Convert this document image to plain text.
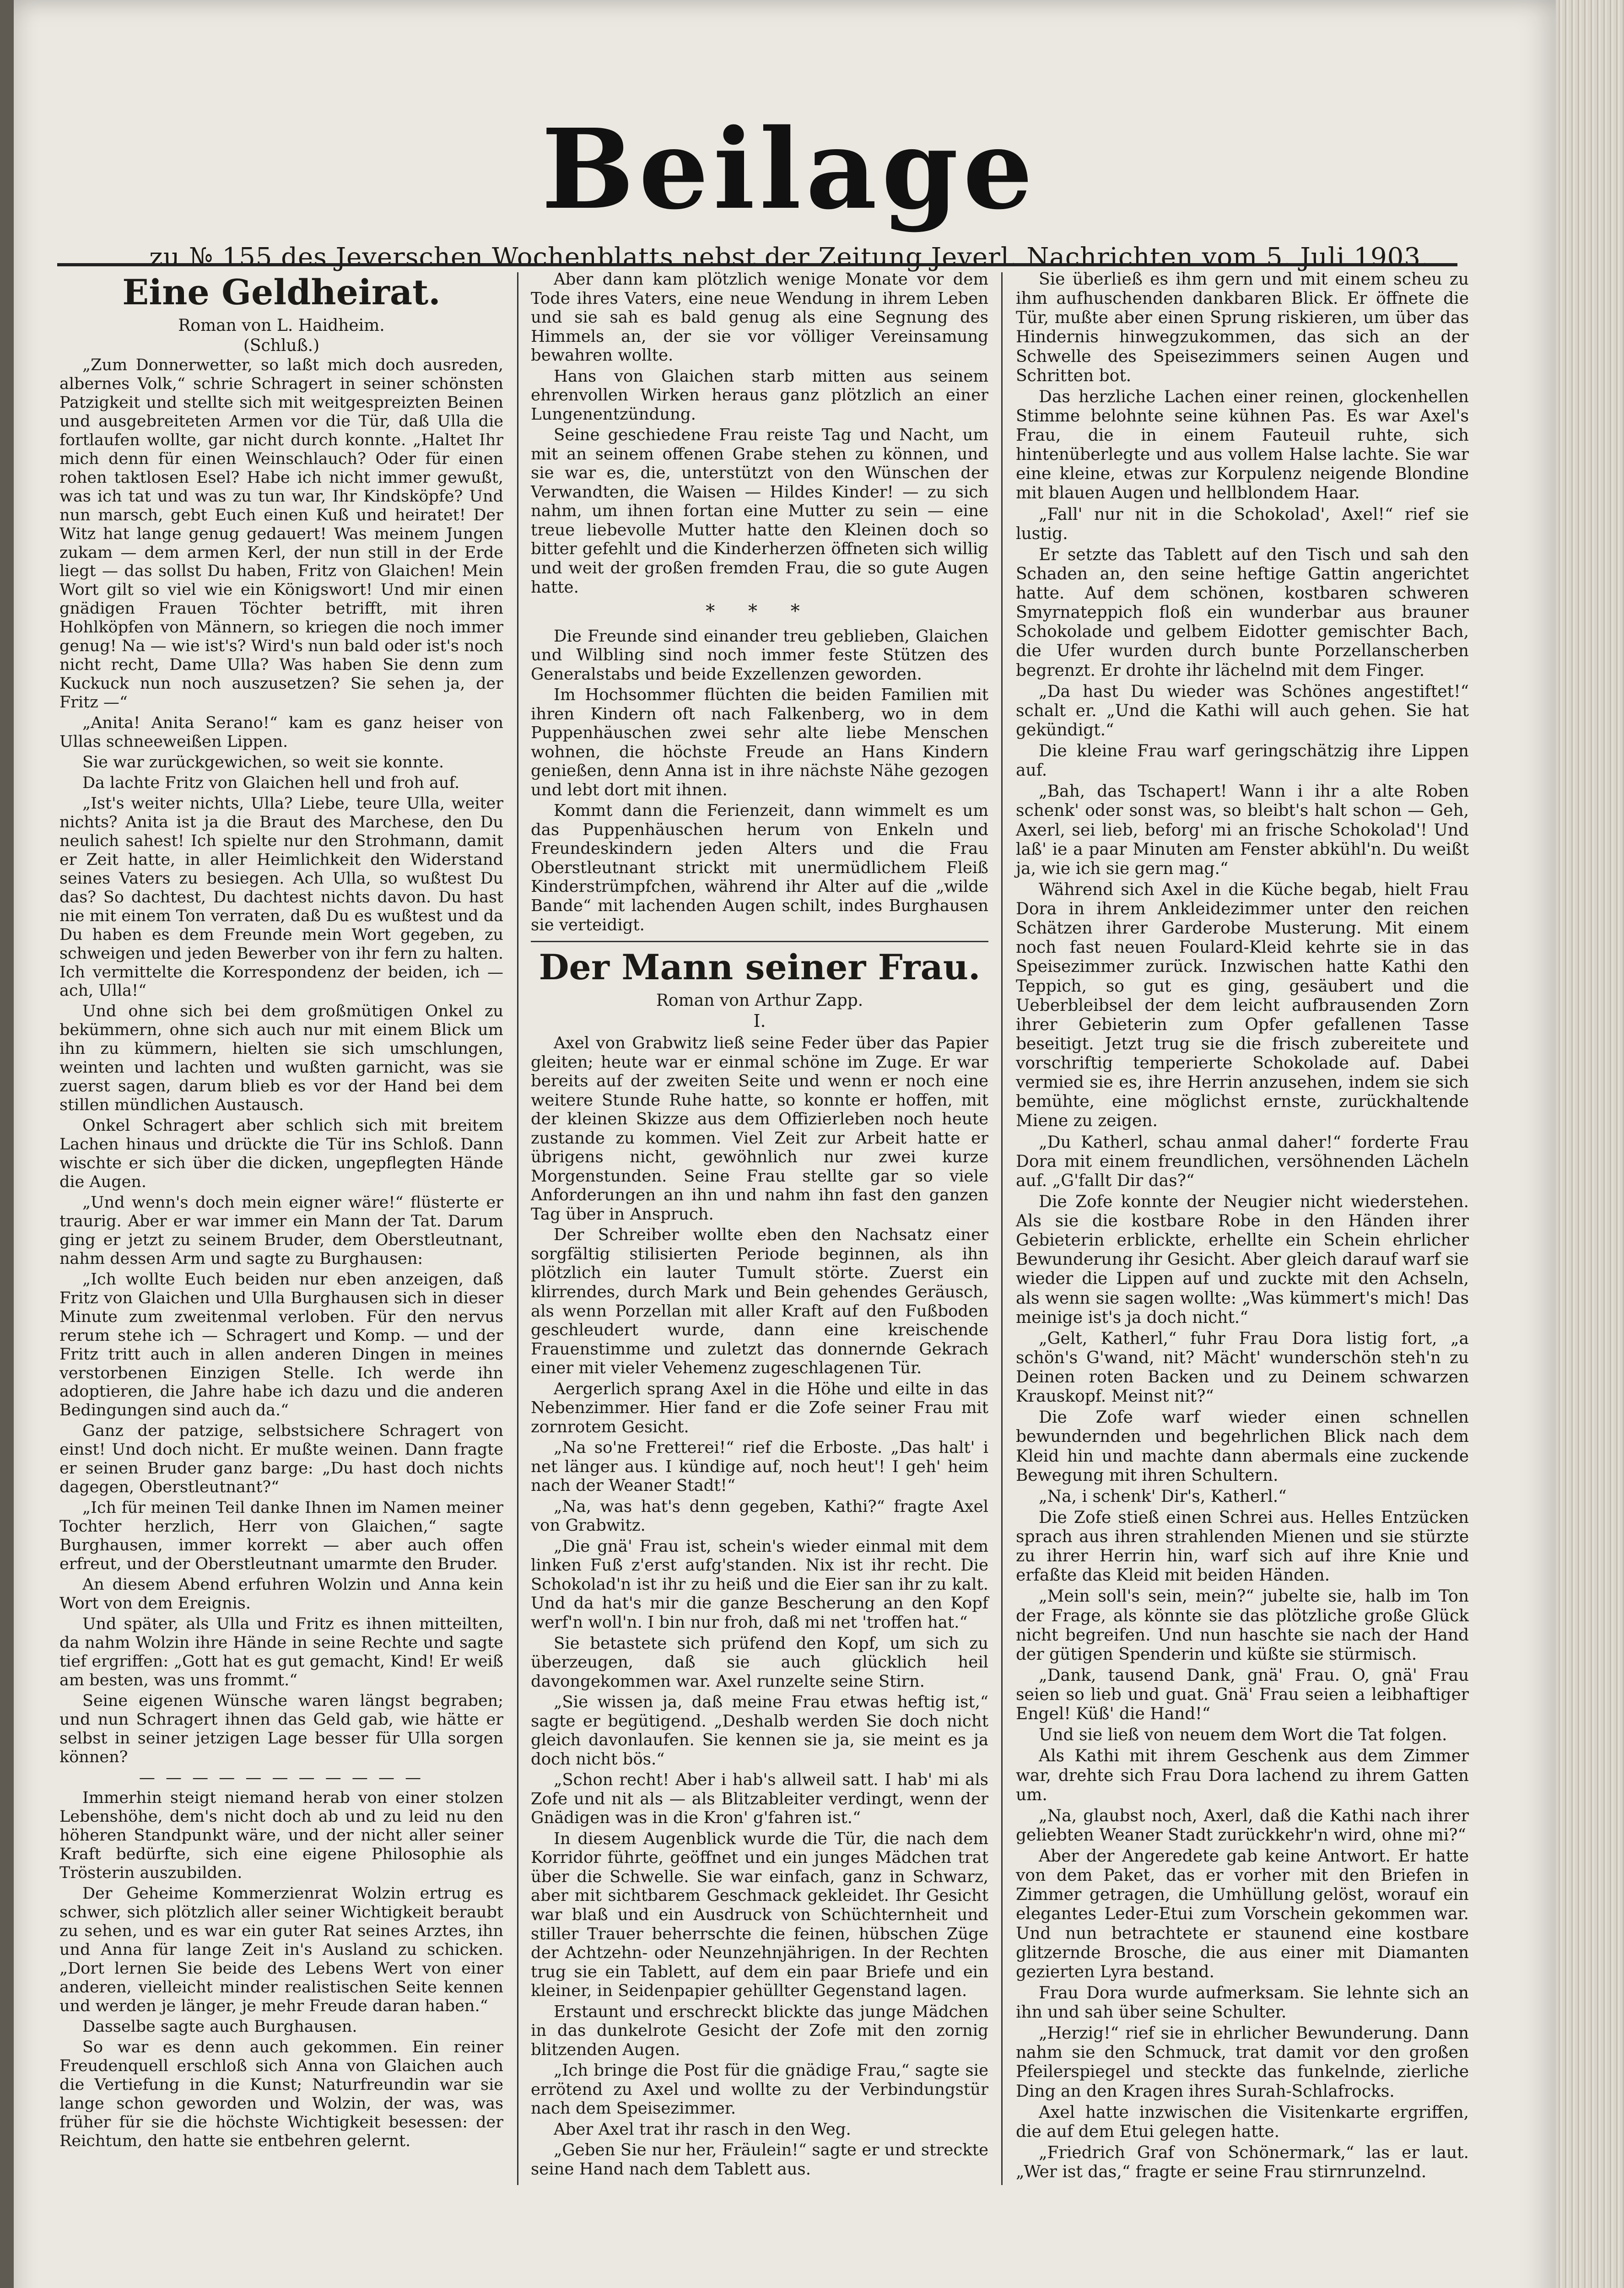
Beilage
zu № 155 des Jeverschen Wochenblatts nebst der Zeitung Jeverl. Nachrichten vom 5. Juli 1903.
Eine Geldheirat.
Roman von L. Haidheim.
(Schluß.)

„Zum Donnerwetter, so laßt mich doch ausreden, albernes Volk,“ schrie Schragert in seiner schönsten Patzigkeit und stellte sich mit weitgespreizten Beinen und ausgebreiteten Armen vor die Tür, daß Ulla die fortlaufen wollte, gar nicht durch konnte. „Haltet Ihr mich denn für einen Weinschlauch? Oder für einen rohen taktlosen Esel? Habe ich nicht immer gewußt, was ich tat und was zu tun war, Ihr Kindsköpfe? Und nun marsch, gebt Euch einen Kuß und heiratet! Der Witz hat lange genug gedauert! Was meinem Jungen zukam — dem armen Kerl, der nun still in der Erde liegt — das sollst Du haben, Fritz von Glaichen! Mein Wort gilt so viel wie ein Königswort! Und mir einen gnädigen Frauen Töchter betrifft, mit ihren Hohlköpfen von Männern, so kriegen die noch immer genug! Na — wie ist's? Wird's nun bald oder ist's noch nicht recht, Dame Ulla? Was haben Sie denn zum Kuckuck nun noch auszusetzen? Sie sehen ja, der Fritz —“

„Anita! Anita Serano!“ kam es ganz heiser von Ullas schneeweißen Lippen.

Sie war zurückgewichen, so weit sie konnte.

Da lachte Fritz von Glaichen hell und froh auf.

„Ist's weiter nichts, Ulla? Liebe, teure Ulla, weiter nichts? Anita ist ja die Braut des Marchese, den Du neulich sahest! Ich spielte nur den Strohmann, damit er Zeit hatte, in aller Heimlichkeit den Widerstand seines Vaters zu besiegen. Ach Ulla, so wußtest Du das? So dachtest, Du dachtest nichts davon. Du hast nie mit einem Ton verraten, daß Du es wußtest und da Du haben es dem Freunde mein Wort gegeben, zu schweigen und jeden Bewerber von ihr fern zu halten. Ich vermittelte die Korrespondenz der beiden, ich — ach, Ulla!“

Und ohne sich bei dem großmütigen Onkel zu bekümmern, ohne sich auch nur mit einem Blick um ihn zu kümmern, hielten sie sich umschlungen, weinten und lachten und wußten garnicht, was sie zuerst sagen, darum blieb es vor der Hand bei dem stillen mündlichen Austausch.

Onkel Schragert aber schlich sich mit breitem Lachen hinaus und drückte die Tür ins Schloß. Dann wischte er sich über die dicken, ungepflegten Hände die Augen.

„Und wenn's doch mein eigner wäre!“ flüsterte er traurig. Aber er war immer ein Mann der Tat. Darum ging er jetzt zu seinem Bruder, dem Oberstleutnant, nahm dessen Arm und sagte zu Burghausen:

„Ich wollte Euch beiden nur eben anzeigen, daß Fritz von Glaichen und Ulla Burghausen sich in dieser Minute zum zweitenmal verloben. Für den nervus rerum stehe ich — Schragert und Komp. — und der Fritz tritt auch in allen anderen Dingen in meines verstorbenen Einzigen Stelle. Ich werde ihn adoptieren, die Jahre habe ich dazu und die anderen Bedingungen sind auch da.“

Ganz der patzige, selbstsichere Schragert von einst! Und doch nicht. Er mußte weinen. Dann fragte er seinen Bruder ganz barge: „Du hast doch nichts dagegen, Oberstleutnant?“

„Ich für meinen Teil danke Ihnen im Namen meiner Tochter herzlich, Herr von Glaichen,“ sagte Burghausen, immer korrekt — aber auch offen erfreut, und der Oberstleutnant umarmte den Bruder.

An diesem Abend erfuhren Wolzin und Anna kein Wort von dem Ereignis.

Und später, als Ulla und Fritz es ihnen mitteilten, da nahm Wolzin ihre Hände in seine Rechte und sagte tief ergriffen: „Gott hat es gut gemacht, Kind! Er weiß am besten, was uns frommt.“

Seine eigenen Wünsche waren längst begraben; und nun Schragert ihnen das Geld gab, wie hätte er selbst in seiner jetzigen Lage besser für Ulla sorgen können?

— — — — — — — — — — —

Immerhin steigt niemand herab von einer stolzen Lebenshöhe, dem's nicht doch ab und zu leid nu den höheren Standpunkt wäre, und der nicht aller seiner Kraft bedürfte, sich eine eigene Philosophie als Trösterin auszubilden.

Der Geheime Kommerzienrat Wolzin ertrug es schwer, sich plötzlich aller seiner Wichtigkeit beraubt zu sehen, und es war ein guter Rat seines Arztes, ihn und Anna für lange Zeit in's Ausland zu schicken. „Dort lernen Sie beide des Lebens Wert von einer anderen, vielleicht minder realistischen Seite kennen und werden je länger, je mehr Freude daran haben.“

Dasselbe sagte auch Burghausen.

So war es denn auch gekommen. Ein reiner Freudenquell erschloß sich Anna von Glaichen auch die Vertiefung in die Kunst; Naturfreundin war sie lange schon geworden und Wolzin, der was, was früher für sie die höchste Wichtigkeit besessen: der Reichtum, den hatte sie entbehren gelernt.

Aber dann kam plötzlich wenige Monate vor dem Tode ihres Vaters, eine neue Wendung in ihrem Leben und sie sah es bald genug als eine Segnung des Himmels an, der sie vor völliger Vereinsamung bewahren wollte.

Hans von Glaichen starb mitten aus seinem ehrenvollen Wirken heraus ganz plötzlich an einer Lungenentzündung.

Seine geschiedene Frau reiste Tag und Nacht, um mit an seinem offenen Grabe stehen zu können, und sie war es, die, unterstützt von den Wünschen der Verwandten, die Waisen — Hildes Kinder! — zu sich nahm, um ihnen fortan eine Mutter zu sein — eine treue liebevolle Mutter hatte den Kleinen doch so bitter gefehlt und die Kinderherzen öffneten sich willig und weit der großen fremden Frau, die so gute Augen hatte.

* * *

Die Freunde sind einander treu geblieben, Glaichen und Wilbling sind noch immer feste Stützen des Generalstabs und beide Exzellenzen geworden.

Im Hochsommer flüchten die beiden Familien mit ihren Kindern oft nach Falkenberg, wo in dem Puppenhäuschen zwei sehr alte liebe Menschen wohnen, die höchste Freude an Hans Kindern genießen, denn Anna ist in ihre nächste Nähe gezogen und lebt dort mit ihnen.

Kommt dann die Ferienzeit, dann wimmelt es um das Puppenhäuschen herum von Enkeln und Freundeskindern jeden Alters und die Frau Oberstleutnant strickt mit unermüdlichem Fleiß Kinderstrümpfchen, während ihr Alter auf die „wilde Bande“ mit lachenden Augen schilt, indes Burghausen sie verteidigt.

Der Mann seiner Frau.
Roman von Arthur Zapp.
I.

Axel von Grabwitz ließ seine Feder über das Papier gleiten; heute war er einmal schöne im Zuge. Er war bereits auf der zweiten Seite und wenn er noch eine weitere Stunde Ruhe hatte, so konnte er hoffen, mit der kleinen Skizze aus dem Offizierleben noch heute zustande zu kommen. Viel Zeit zur Arbeit hatte er übrigens nicht, gewöhnlich nur zwei kurze Morgenstunden. Seine Frau stellte gar so viele Anforderungen an ihn und nahm ihn fast den ganzen Tag über in Anspruch.

Der Schreiber wollte eben den Nachsatz einer sorgfältig stilisierten Periode beginnen, als ihn plötzlich ein lauter Tumult störte. Zuerst ein klirrendes, durch Mark und Bein gehendes Geräusch, als wenn Porzellan mit aller Kraft auf den Fußboden geschleudert wurde, dann eine kreischende Frauenstimme und zuletzt das donnernde Gekrach einer mit vieler Vehemenz zugeschlagenen Tür.

Aergerlich sprang Axel in die Höhe und eilte in das Nebenzimmer. Hier fand er die Zofe seiner Frau mit zornrotem Gesicht.

„Na so'ne Fretterei!“ rief die Erboste. „Das halt' i net länger aus. I kündige auf, noch heut'! I geh' heim nach der Weaner Stadt!“

„Na, was hat's denn gegeben, Kathi?“ fragte Axel von Grabwitz.

„Die gnä' Frau ist, schein's wieder einmal mit dem linken Fuß z'erst aufg'standen. Nix ist ihr recht. Die Schokolad'n ist ihr zu heiß und die Eier san ihr zu kalt. Und da hat's mir die ganze Bescherung an den Kopf werf'n woll'n. I bin nur froh, daß mi net 'troffen hat.“

Sie betastete sich prüfend den Kopf, um sich zu überzeugen, daß sie auch glücklich heil davongekommen war. Axel runzelte seine Stirn.

„Sie wissen ja, daß meine Frau etwas heftig ist,“ sagte er begütigend. „Deshalb werden Sie doch nicht gleich davonlaufen. Sie kennen sie ja, sie meint es ja doch nicht bös.“

„Schon recht! Aber i hab's allweil satt. I hab' mi als Zofe und nit als — als Blitzableiter verdingt, wenn der Gnädigen was in die Kron' g'fahren ist.“

In diesem Augenblick wurde die Tür, die nach dem Korridor führte, geöffnet und ein junges Mädchen trat über die Schwelle. Sie war einfach, ganz in Schwarz, aber mit sichtbarem Geschmack gekleidet. Ihr Gesicht war blaß und ein Ausdruck von Schüchternheit und stiller Trauer beherrschte die feinen, hübschen Züge der Achtzehn- oder Neunzehnjährigen. In der Rechten trug sie ein Tablett, auf dem ein paar Briefe und ein kleiner, in Seidenpapier gehüllter Gegenstand lagen.

Erstaunt und erschreckt blickte das junge Mädchen in das dunkelrote Gesicht der Zofe mit den zornig blitzenden Augen.

„Ich bringe die Post für die gnädige Frau,“ sagte sie errötend zu Axel und wollte zu der Verbindungstür nach dem Speisezimmer.

Aber Axel trat ihr rasch in den Weg.

„Geben Sie nur her, Fräulein!“ sagte er und streckte seine Hand nach dem Tablett aus.

Sie überließ es ihm gern und mit einem scheu zu ihm aufhuschenden dankbaren Blick. Er öffnete die Tür, mußte aber einen Sprung riskieren, um über das Hindernis hinwegzukommen, das sich an der Schwelle des Speisezimmers seinen Augen und Schritten bot.

Das herzliche Lachen einer reinen, glockenhellen Stimme belohnte seine kühnen Pas. Es war Axel's Frau, die in einem Fauteuil ruhte, sich hintenüberlegte und aus vollem Halse lachte. Sie war eine kleine, etwas zur Korpulenz neigende Blondine mit blauen Augen und hellblondem Haar.

„Fall' nur nit in die Schokolad', Axel!“ rief sie lustig.

Er setzte das Tablett auf den Tisch und sah den Schaden an, den seine heftige Gattin angerichtet hatte. Auf dem schönen, kostbaren schweren Smyrnateppich floß ein wunderbar aus brauner Schokolade und gelbem Eidotter gemischter Bach, die Ufer wurden durch bunte Porzellanscherben begrenzt. Er drohte ihr lächelnd mit dem Finger.

„Da hast Du wieder was Schönes angestiftet!“ schalt er. „Und die Kathi will auch gehen. Sie hat gekündigt.“

Die kleine Frau warf geringschätzig ihre Lippen auf.

„Bah, das Tschapert! Wann i ihr a alte Roben schenk' oder sonst was, so bleibt's halt schon — Geh, Axerl, sei lieb, beforg' mi an frische Schokolad'! Und laß' ie a paar Minuten am Fenster abkühl'n. Du weißt ja, wie ich sie gern mag.“

Während sich Axel in die Küche begab, hielt Frau Dora in ihrem Ankleidezimmer unter den reichen Schätzen ihrer Garderobe Musterung. Mit einem noch fast neuen Foulard-Kleid kehrte sie in das Speisezimmer zurück. Inzwischen hatte Kathi den Teppich, so gut es ging, gesäubert und die Ueberbleibsel der dem leicht aufbrausenden Zorn ihrer Gebieterin zum Opfer gefallenen Tasse beseitigt. Jetzt trug sie die frisch zubereitete und vorschriftig temperierte Schokolade auf. Dabei vermied sie es, ihre Herrin anzusehen, indem sie sich bemühte, eine möglichst ernste, zurückhaltende Miene zu zeigen.

„Du Katherl, schau anmal daher!“ forderte Frau Dora mit einem freundlichen, versöhnenden Lächeln auf. „G'fallt Dir das?“

Die Zofe konnte der Neugier nicht wiederstehen. Als sie die kostbare Robe in den Händen ihrer Gebieterin erblickte, erhellte ein Schein ehrlicher Bewunderung ihr Gesicht. Aber gleich darauf warf sie wieder die Lippen auf und zuckte mit den Achseln, als wenn sie sagen wollte: „Was kümmert's mich! Das meinige ist's ja doch nicht.“

„Gelt, Katherl,“ fuhr Frau Dora listig fort, „a schön's G'wand, nit? Mächt' wunderschön steh'n zu Deinen roten Backen und zu Deinem schwarzen Krauskopf. Meinst nit?“

Die Zofe warf wieder einen schnellen bewundernden und begehrlichen Blick nach dem Kleid hin und machte dann abermals eine zuckende Bewegung mit ihren Schultern.

„Na, i schenk' Dir's, Katherl.“

Die Zofe stieß einen Schrei aus. Helles Entzücken sprach aus ihren strahlenden Mienen und sie stürzte zu ihrer Herrin hin, warf sich auf ihre Knie und erfaßte das Kleid mit beiden Händen.

„Mein soll's sein, mein?“ jubelte sie, halb im Ton der Frage, als könnte sie das plötzliche große Glück nicht begreifen. Und nun haschte sie nach der Hand der gütigen Spenderin und küßte sie stürmisch.

„Dank, tausend Dank, gnä' Frau. O, gnä' Frau seien so lieb und guat. Gnä' Frau seien a leibhaftiger Engel! Küß' die Hand!“

Und sie ließ von neuem dem Wort die Tat folgen.

Als Kathi mit ihrem Geschenk aus dem Zimmer war, drehte sich Frau Dora lachend zu ihrem Gatten um.

„Na, glaubst noch, Axerl, daß die Kathi nach ihrer geliebten Weaner Stadt zurückkehr'n wird, ohne mi?“

Aber der Angeredete gab keine Antwort. Er hatte von dem Paket, das er vorher mit den Briefen in Zimmer getragen, die Umhüllung gelöst, worauf ein elegantes Leder-Etui zum Vorschein gekommen war. Und nun betrachtete er staunend eine kostbare glitzernde Brosche, die aus einer mit Diamanten gezierten Lyra bestand.

Frau Dora wurde aufmerksam. Sie lehnte sich an ihn und sah über seine Schulter.

„Herzig!“ rief sie in ehrlicher Bewunderung. Dann nahm sie den Schmuck, trat damit vor den großen Pfeilerspiegel und steckte das funkelnde, zierliche Ding an den Kragen ihres Surah-Schlafrocks.

Axel hatte inzwischen die Visitenkarte ergriffen, die auf dem Etui gelegen hatte.

„Friedrich Graf von Schönermark,“ las er laut. „Wer ist das,“ fragte er seine Frau stirnrunzelnd.
